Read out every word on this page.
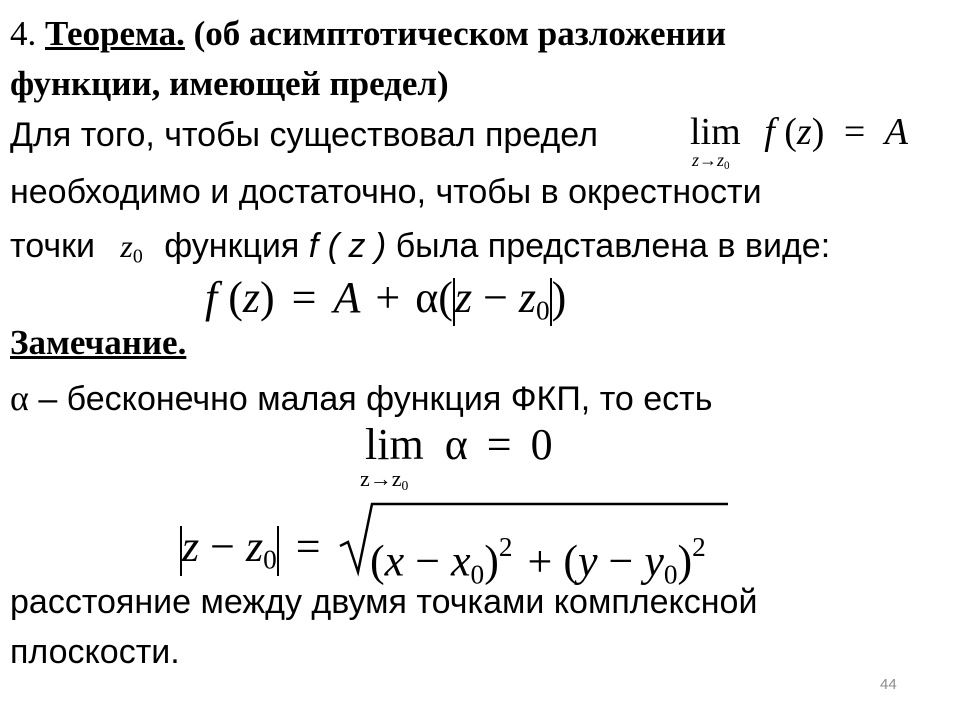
4. Теорема. (об асимптотическом разложении
функции, имеющей предел)
Для того, чтобы существовал предел lim f (z) = A
$z\to z_0$
необходимо и достаточно, чтобы в окрестности
точки $z_0$ функция f ( z ) была представлена в виде:
f $(z) = A + \alpha(z - z_0)$
Замечание.
α – бесконечно малая функция ФКП, то есть
lim α = 0
$z\to z_0$
$z - z_0 = (x - x_0)^2 + (y - y_0)^2$
расстояние между двумя точками комплексной
плоскости.
44
